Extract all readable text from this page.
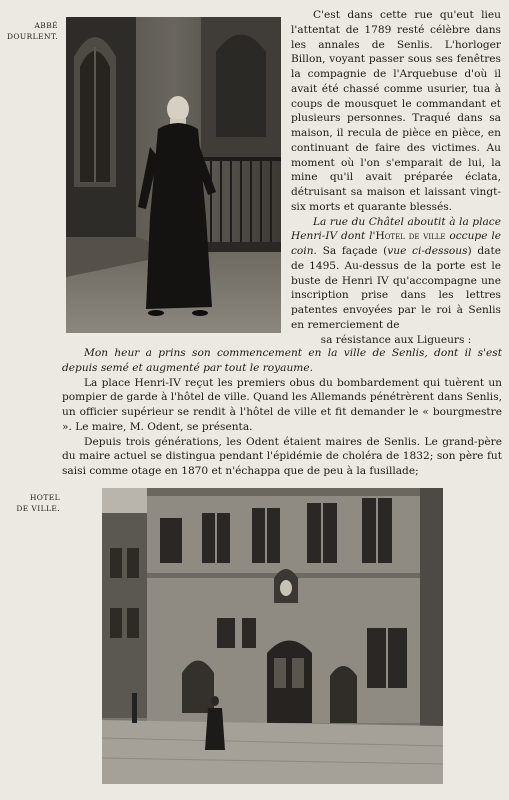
ABBÉ
DOURLENT.

C'est dans cette rue qu'eut lieu l'attentat de 1789 resté célèbre dans les annales de Senlis. L'horloger Billon, voyant passer sous ses fenêtres la compagnie de l'Arquebuse d'où il avait été chassé comme usurier, tua à coups de mousquet le commandant et plusieurs personnes. Traqué dans sa maison, il recula de pièce en pièce, en continuant de faire des victimes. Au moment où l'on s'emparait de lui, la mine qu'il avait préparée éclata, détruisant sa maison et laissant vingt-six morts et quarante blessés.

La rue du Châtel aboutit à la place Henri-IV dont l'Hotel de ville occupe le coin. Sa façade (vue ci-dessous) date de 1495. Au-dessus de la porte est le buste de Henri IV qu'accompagne une inscription prise dans les lettres patentes envoyées par le roi à Senlis en remerciement de

sa résistance aux Ligueurs :

Mon heur a prins son commencement en la ville de Senlis, dont il s'est depuis semé et augmenté par tout le royaume.

La place Henri-IV reçut les premiers obus du bombardement qui tuèrent un pompier de garde à l'hôtel de ville. Quand les Allemands pénétrèrent dans Senlis, un officier supérieur se rendit à l'hôtel de ville et fit demander le « bourgmestre ». Le maire, M. Odent, se présenta.

Depuis trois générations, les Odent étaient maires de Senlis. Le grand-père du maire actuel se distingua pendant l'épidémie de choléra de 1832; son père fut saisi comme otage en 1870 et n'échappa que de peu à la fusillade;

HOTEL
DE VILLE.
